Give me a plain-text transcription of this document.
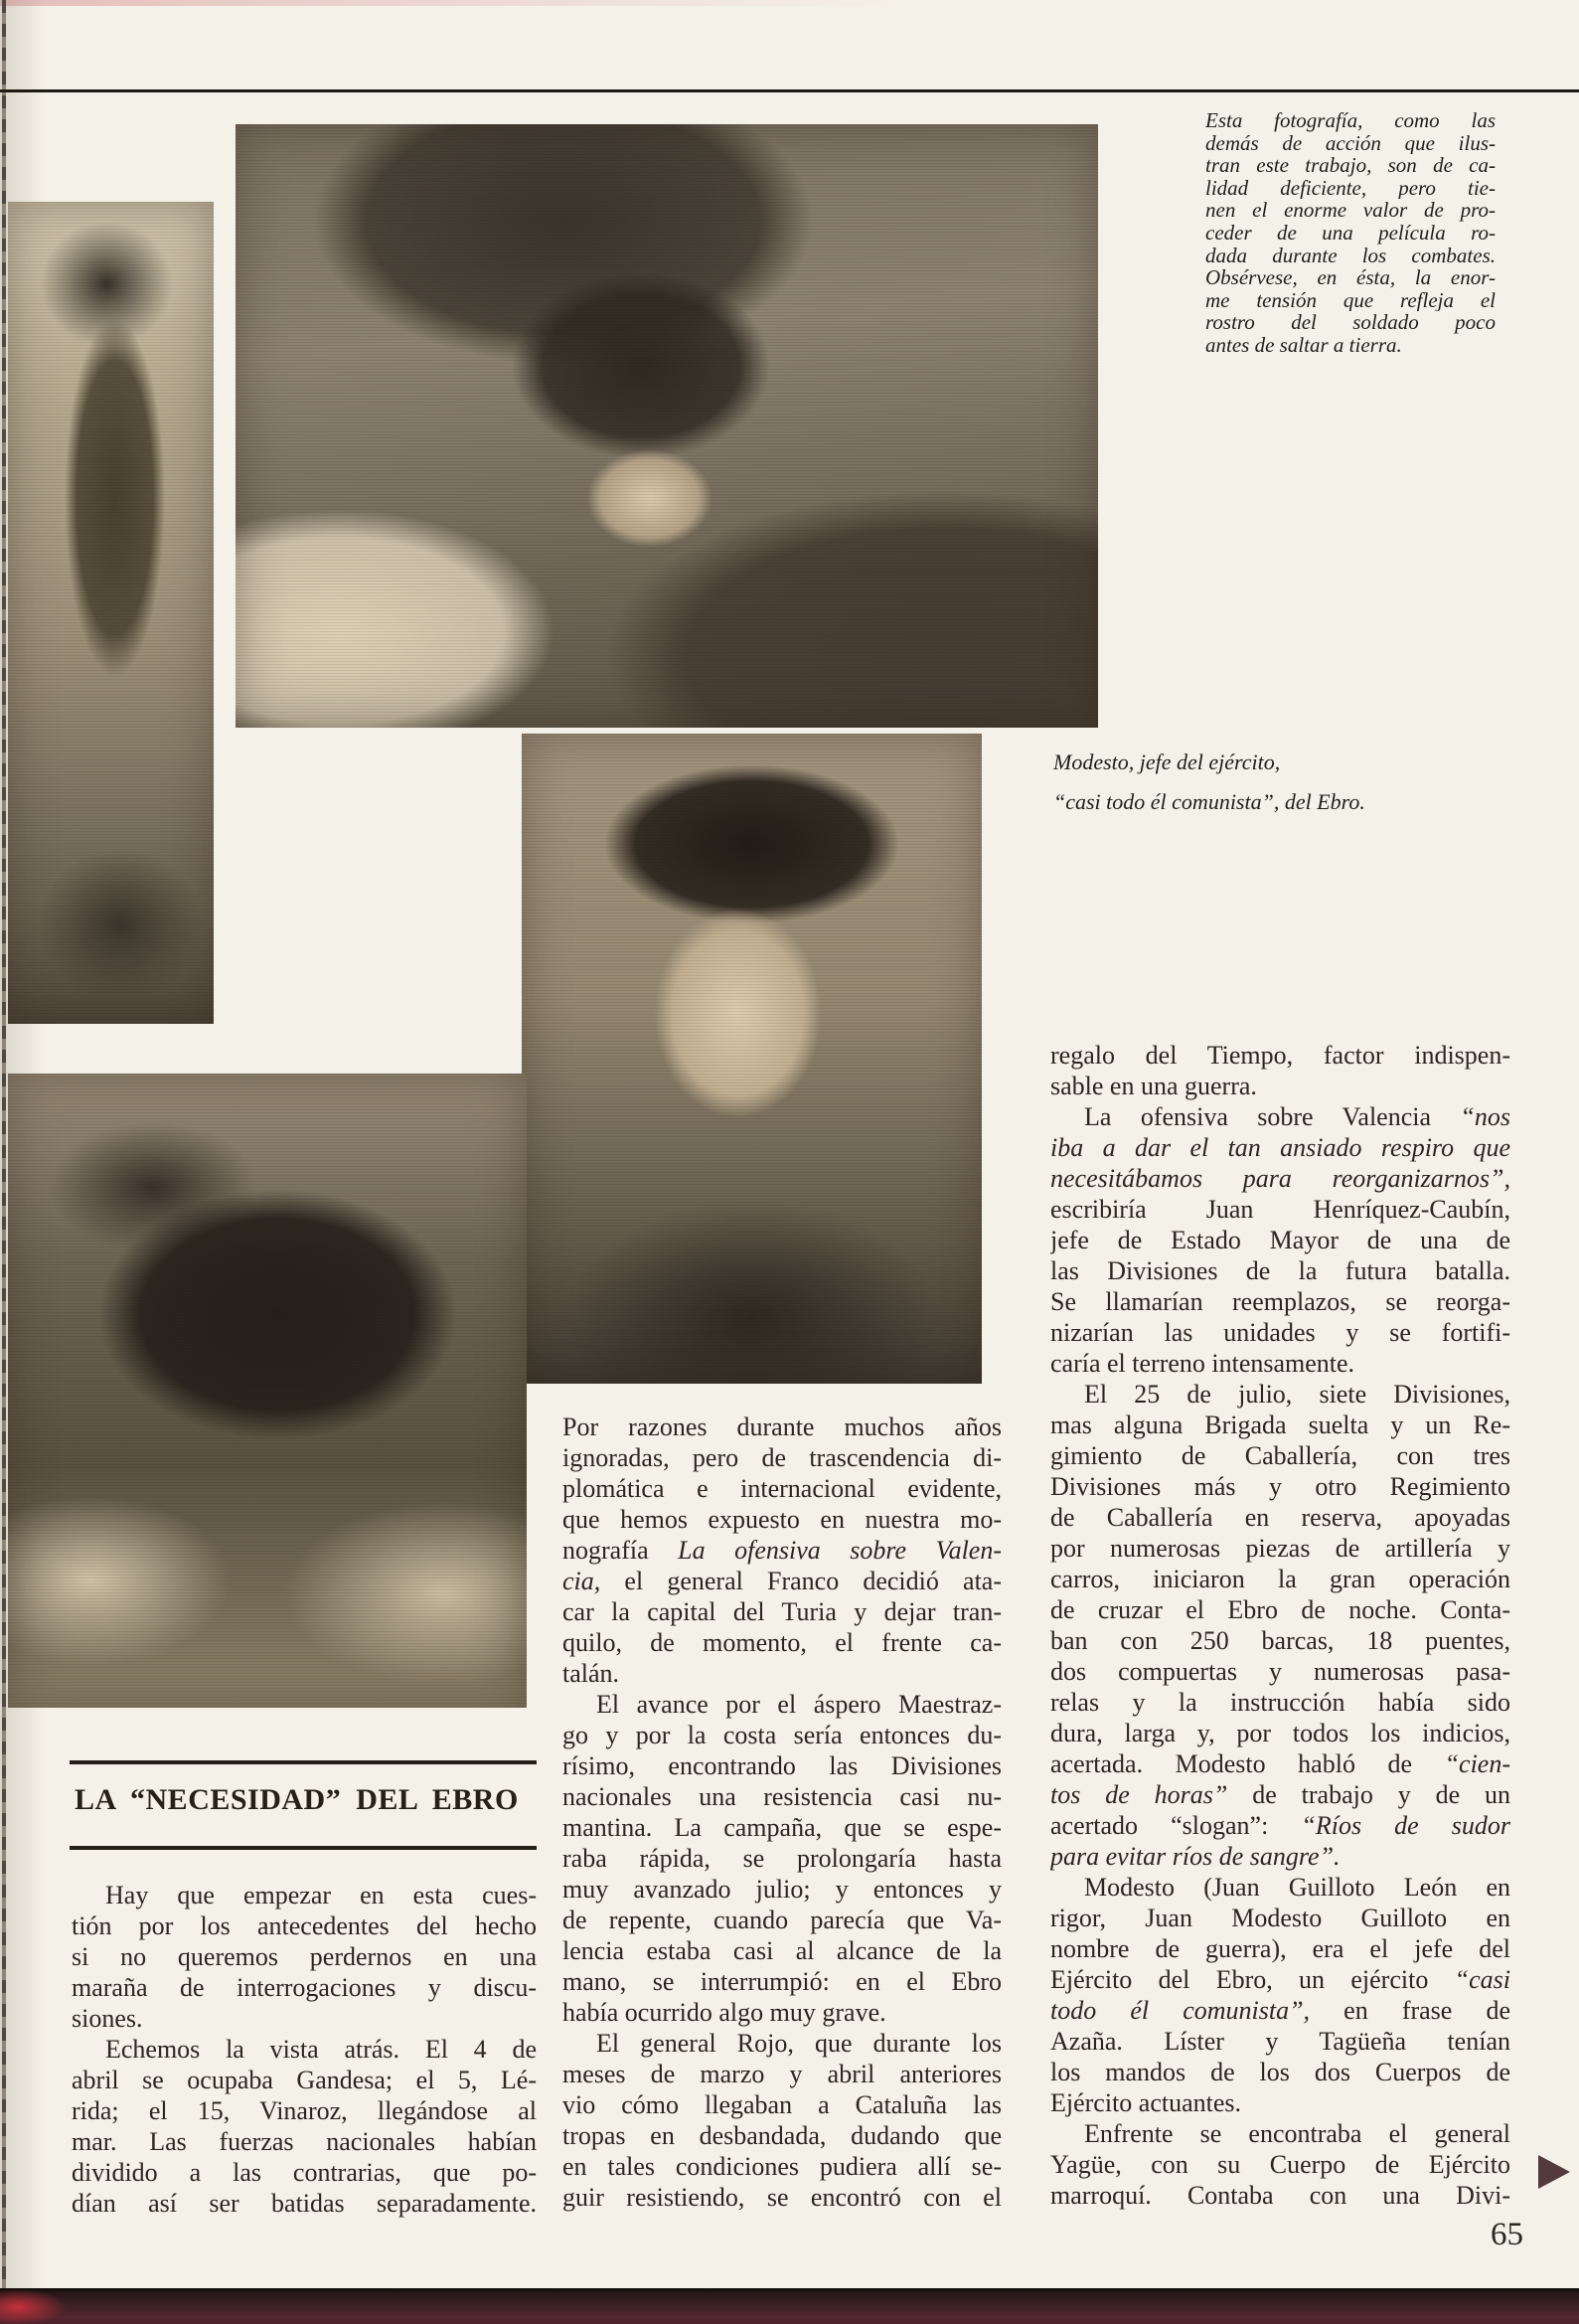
Esta fotografía, como las
demás de acción que ilus-
tran este trabajo, son de ca-
lidad deficiente, pero tie-
nen el enorme valor de pro-
ceder de una película ro-
dada durante los combates.
Obsérvese, en ésta, la enor-
me tensión que refleja el
rostro del soldado poco
antes de saltar a tierra.
Modesto, jefe del ejército,
“casi todo él comunista”, del Ebro.
LA “NECESIDAD” DEL EBRO
Hay que empezar en esta cues-
tión por los antecedentes del hecho
si no queremos perdernos en una
maraña de interrogaciones y discu-
siones.
Echemos la vista atrás. El 4 de
abril se ocupaba Gandesa; el 5, Lé-
rida; el 15, Vinaroz, llegándose al
mar. Las fuerzas nacionales habían
dividido a las contrarias, que po-
dían así ser batidas separadamente.
Por razones durante muchos años
ignoradas, pero de trascendencia di-
plomática e internacional evidente,
que hemos expuesto en nuestra mo-
nografía La ofensiva sobre Valen-
cia, el general Franco decidió ata-
car la capital del Turia y dejar tran-
quilo, de momento, el frente ca-
talán.
El avance por el áspero Maestraz-
go y por la costa sería entonces du-
rísimo, encontrando las Divisiones
nacionales una resistencia casi nu-
mantina. La campaña, que se espe-
raba rápida, se prolongaría hasta
muy avanzado julio; y entonces y
de repente, cuando parecía que Va-
lencia estaba casi al alcance de la
mano, se interrumpió: en el Ebro
había ocurrido algo muy grave.
El general Rojo, que durante los
meses de marzo y abril anteriores
vio cómo llegaban a Cataluña las
tropas en desbandada, dudando que
en tales condiciones pudiera allí se-
guir resistiendo, se encontró con el
regalo del Tiempo, factor indispen-
sable en una guerra.
La ofensiva sobre Valencia “nos
iba a dar el tan ansiado respiro que
necesitábamos para reorganizarnos”,
escribiría Juan Henríquez-Caubín,
jefe de Estado Mayor de una de
las Divisiones de la futura batalla.
Se llamarían reemplazos, se reorga-
nizarían las unidades y se fortifi-
caría el terreno intensamente.
El 25 de julio, siete Divisiones,
mas alguna Brigada suelta y un Re-
gimiento de Caballería, con tres
Divisiones más y otro Regimiento
de Caballería en reserva, apoyadas
por numerosas piezas de artillería y
carros, iniciaron la gran operación
de cruzar el Ebro de noche. Conta-
ban con 250 barcas, 18 puentes,
dos compuertas y numerosas pasa-
relas y la instrucción había sido
dura, larga y, por todos los indicios,
acertada. Modesto habló de “cien-
tos de horas” de trabajo y de un
acertado “slogan”: “Ríos de sudor
para evitar ríos de sangre”.
Modesto (Juan Guilloto León en
rigor, Juan Modesto Guilloto en
nombre de guerra), era el jefe del
Ejército del Ebro, un ejército “casi
todo él comunista”, en frase de
Azaña. Líster y Tagüeña tenían
los mandos de los dos Cuerpos de
Ejército actuantes.
Enfrente se encontraba el general
Yagüe, con su Cuerpo de Ejército
marroquí. Contaba con una Divi-
65
